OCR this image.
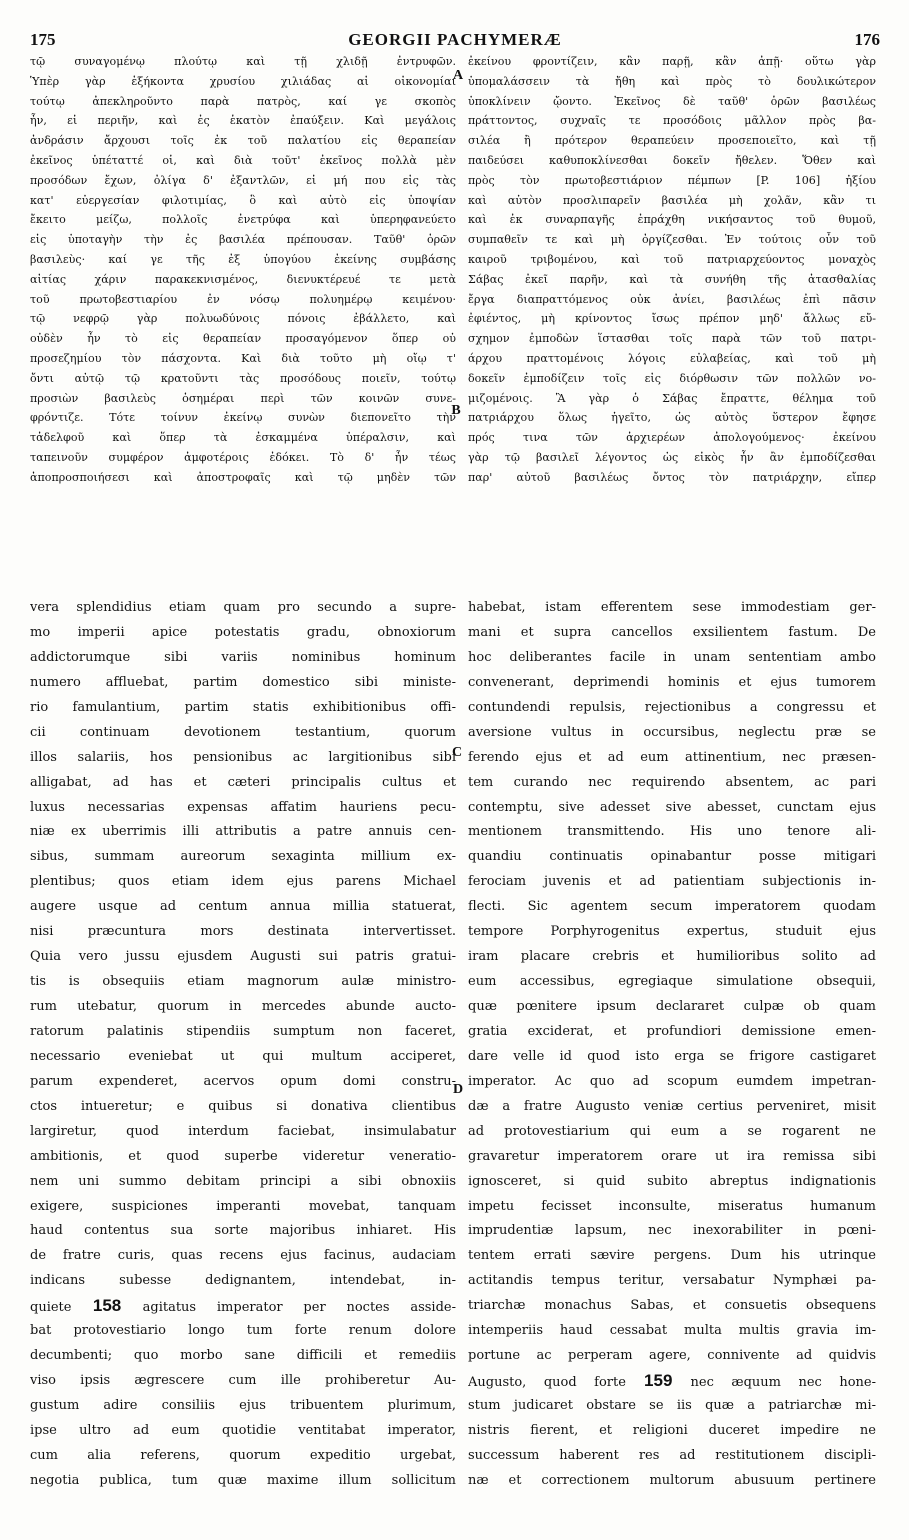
175	GEORGII PACHYMERÆ	176
τῷ συναγομένῳ πλούτῳ καὶ τῇ χλιδῇ ἐντρυφῶν.
Ὑπὲρ γὰρ ἑξήκοντα χρυσίου χιλιάδας αἱ οἰκονομίαι
τούτῳ ἀπεκληροῦντο παρὰ πατρὸς, καί γε σκοπὸς
ἦν, εἰ περιῆν, καὶ ἐς ἑκατὸν ἐπαύξειν. Καὶ μεγάλοις
ἀνδράσιν ἄρχουσι τοῖς ἐκ τοῦ παλατίου εἰς θεραπείαν
ἐκεῖνος ὑπέταττέ οἱ, καὶ διὰ τοῦτ' ἐκεῖνος πολλὰ μὲν
προσόδων ἔχων, ὀλίγα δ' ἐξαντλῶν, εἰ μή που εἰς τὰς
κατ' εὐεργεσίαν φιλοτιμίας, ὃ καὶ αὐτὸ εἰς ὑποψίαν
ἔκειτο μείζω, πολλοῖς ἐνετρύφα καὶ ὑπερηφανεύετο
εἰς ὑποταγὴν τὴν ἐς βασιλέα πρέπουσαν. Ταῦθ' ὁρῶν
βασιλεὺς· καί γε τῆς ἐξ ὑπογύου ἐκείνης συμβάσης
αἰτίας χάριν παρακεκνισμένος, διενυκτέρευέ τε μετὰ
τοῦ πρωτοβεστιαρίου ἐν νόσῳ πολυημέρῳ κειμένου·
τῷ νεφρῷ γὰρ πολυωδύνοις πόνοις ἐβάλλετο, καὶ
οὐδὲν ἦν τὸ εἰς θεραπείαν προσαγόμενον ὅπερ οὐ
προσεζημίου τὸν πάσχοντα. Καὶ διὰ τοῦτο μὴ οἴῳ τ'
ὄντι αὐτῷ τῷ κρατοῦντι τὰς προσόδους ποιεῖν, τούτῳ
προσιὼν βασιλεὺς ὁσημέραι περὶ τῶν κοινῶν συνε-
φρόντιζε. Τότε τοίνυν ἐκείνῳ συνὼν διεπονεῖτο τὴν
τἀδελφοῦ καὶ ὅπερ τὰ ἐσκαμμένα ὑπέραλσιν, καὶ
ταπεινοῦν συμφέρον ἀμφοτέροις ἐδόκει. Τὸ δ' ἦν τέως
ἀποπροσποιήσεσι καὶ ἀποστροφαῖς καὶ τῷ μηδὲν τῶν
ἐκείνου φροντίζειν, κἂν παρῇ, κἂν ἀπῇ· οὕτω γὰρ
ὑπομαλάσσειν τὰ ἤθη καὶ πρὸς τὸ δουλικώτερον
ὑποκλίνειν ᾤοντο. Ἐκεῖνος δὲ ταῦθ' ὁρῶν βασιλέως
πράττοντος, συχναῖς τε προσόδοις μᾶλλον πρὸς βα-
σιλέα ἢ πρότερον θεραπεύειν προσεποιεῖτο, καὶ τῇ
παιδεύσει καθυποκλίνεσθαι δοκεῖν ἤθελεν. Ὅθεν καὶ
πρὸς τὸν πρωτοβεστιάριον πέμπων [P. 106] ἠξίου
καὶ αὐτὸν προσλιπαρεῖν βασιλέα μὴ χολᾶν, κἂν τι
καὶ ἐκ συναρπαγῆς ἐπράχθη νικήσαντος τοῦ θυμοῦ,
συμπαθεῖν τε καὶ μὴ ὀργίζεσθαι. Ἐν τούτοις οὖν τοῦ
καιροῦ τριβομένου, καὶ τοῦ πατριαρχεύοντος μοναχὸς
Σάβας ἐκεῖ παρῆν, καὶ τὰ συνήθη τῆς ἀτασθαλίας
ἔργα διαπραττόμενος οὐκ ἀνίει, βασιλέως ἐπὶ πᾶσιν
ἐφιέντος, μὴ κρίνοντος ἴσως πρέπον μηδ' ἄλλως εὔ-
σχημον ἐμποδὼν ἵστασθαι τοῖς παρὰ τῶν τοῦ πατρι-
άρχου πραττομένοις λόγοις εὐλαβείας, καὶ τοῦ μὴ
δοκεῖν ἐμποδίζειν τοῖς εἰς διόρθωσιν τῶν πολλῶν νο-
μιζομένοις. Ἃ γὰρ ὁ Σάβας ἔπραττε, θέλημα τοῦ
πατριάρχου ὅλως ἡγεῖτο, ὡς αὐτὸς ὕστερον ἔφησε
πρός τινα τῶν ἀρχιερέων ἀπολογούμενος· ἐκείνου
γὰρ τῷ βασιλεῖ λέγοντος ὡς εἰκὸς ἦν ἂν ἐμποδίζεσθαι
παρ' αὐτοῦ βασιλέως ὄντος τὸν πατριάρχην, εἴπερ
vera splendidius etiam quam pro secundo a supre-
mo imperii apice potestatis gradu, obnoxiorum
addictorumque sibi variis nominibus hominum
numero affluebat, partim domestico sibi ministe-
rio famulantium, partim statis exhibitionibus offi-
cii continuam devotionem testantium, quorum
illos salariis, hos pensionibus ac largitionibus sibi
alligabat, ad has et cæteri principalis cultus et
luxus necessarias expensas affatim hauriens pecu-
niæ ex uberrimis illi attributis a patre annuis cen-
sibus, summam aureorum sexaginta millium ex-
plentibus; quos etiam idem ejus parens Michael
augere usque ad centum annua millia statuerat,
nisi præcuntura mors destinata intervertisset.
Quia vero jussu ejusdem Augusti sui patris gratui-
tis is obsequiis etiam magnorum aulæ ministro-
rum utebatur, quorum in mercedes abunde aucto-
ratorum palatinis stipendiis sumptum non faceret,
necessario eveniebat ut qui multum acciperet,
parum expenderet, acervos opum domi constru-
ctos intueretur; e quibus si donativa clientibus
largiretur, quod interdum faciebat, insimulabatur
ambitionis, et quod superbe videretur veneratio-
nem uni summo debitam principi a sibi obnoxiis
exigere, suspiciones imperanti movebat, tanquam
haud contentus sua sorte majoribus inhiaret. His
de fratre curis, quas recens ejus facinus, audaciam
indicans subesse dedignantem, intendebat, in-
quiete 158 agitatus imperator per noctes asside-
bat protovestiario longo tum forte renum dolore
decumbenti; quo morbo sane difficili et remediis
viso ipsis ægrescere cum ille prohiberetur Au-
gustum adire consiliis ejus tribuentem plurimum,
ipse ultro ad eum quotidie ventitabat imperator,
cum alia referens, quorum expeditio urgebat,
negotia publica, tum quæ maxime illum sollicitum
habebat, istam efferentem sese immodestiam ger-
mani et supra cancellos exsilientem fastum. De
hoc deliberantes facile in unam sententiam ambo
convenerant, deprimendi hominis et ejus tumorem
contundendi repulsis, rejectionibus a congressu et
aversione vultus in occursibus, neglectu præ se
ferendo ejus et ad eum attinentium, nec præsen-
tem curando nec requirendo absentem, ac pari
contemptu, sive adesset sive abesset, cunctam ejus
mentionem transmittendo. His uno tenore ali-
quandiu continuatis opinabantur posse mitigari
ferociam juvenis et ad patientiam subjectionis in-
flecti. Sic agentem secum imperatorem quodam
tempore Porphyrogenitus expertus, studuit ejus
iram placare crebris et humilioribus solito ad
eum accessibus, egregiaque simulatione obsequii,
quæ pœnitere ipsum declararet culpæ ob quam
gratia exciderat, et profundiori demissione emen-
dare velle id quod isto erga se frigore castigaret
imperator. Ac quo ad scopum eumdem impetran-
dæ a fratre Augusto veniæ certius perveniret, misit
ad protovestiarium qui eum a se rogarent ne
gravaretur imperatorem orare ut ira remissa sibi
ignosceret, si quid subito abreptus indignationis
impetu fecisset inconsulte, miseratus humanum
imprudentiæ lapsum, nec inexorabiliter in pœni-
tentem errati sævire pergens. Dum his utrinque
actitandis tempus teritur, versabatur Nymphæi pa-
triarchæ monachus Sabas, et consuetis obsequens
intemperiis haud cessabat multa multis gravia im-
portune ac perperam agere, connivente ad quidvis
Augusto, quod forte 159 nec æquum nec hone-
stum judicaret obstare se iis quæ a patriarchæ mi-
nistris fierent, et religioni duceret impedire ne
successum haberent res ad restitutionem discipli-
næ et correctionem multorum abusuum pertinere
A
B
C
D
